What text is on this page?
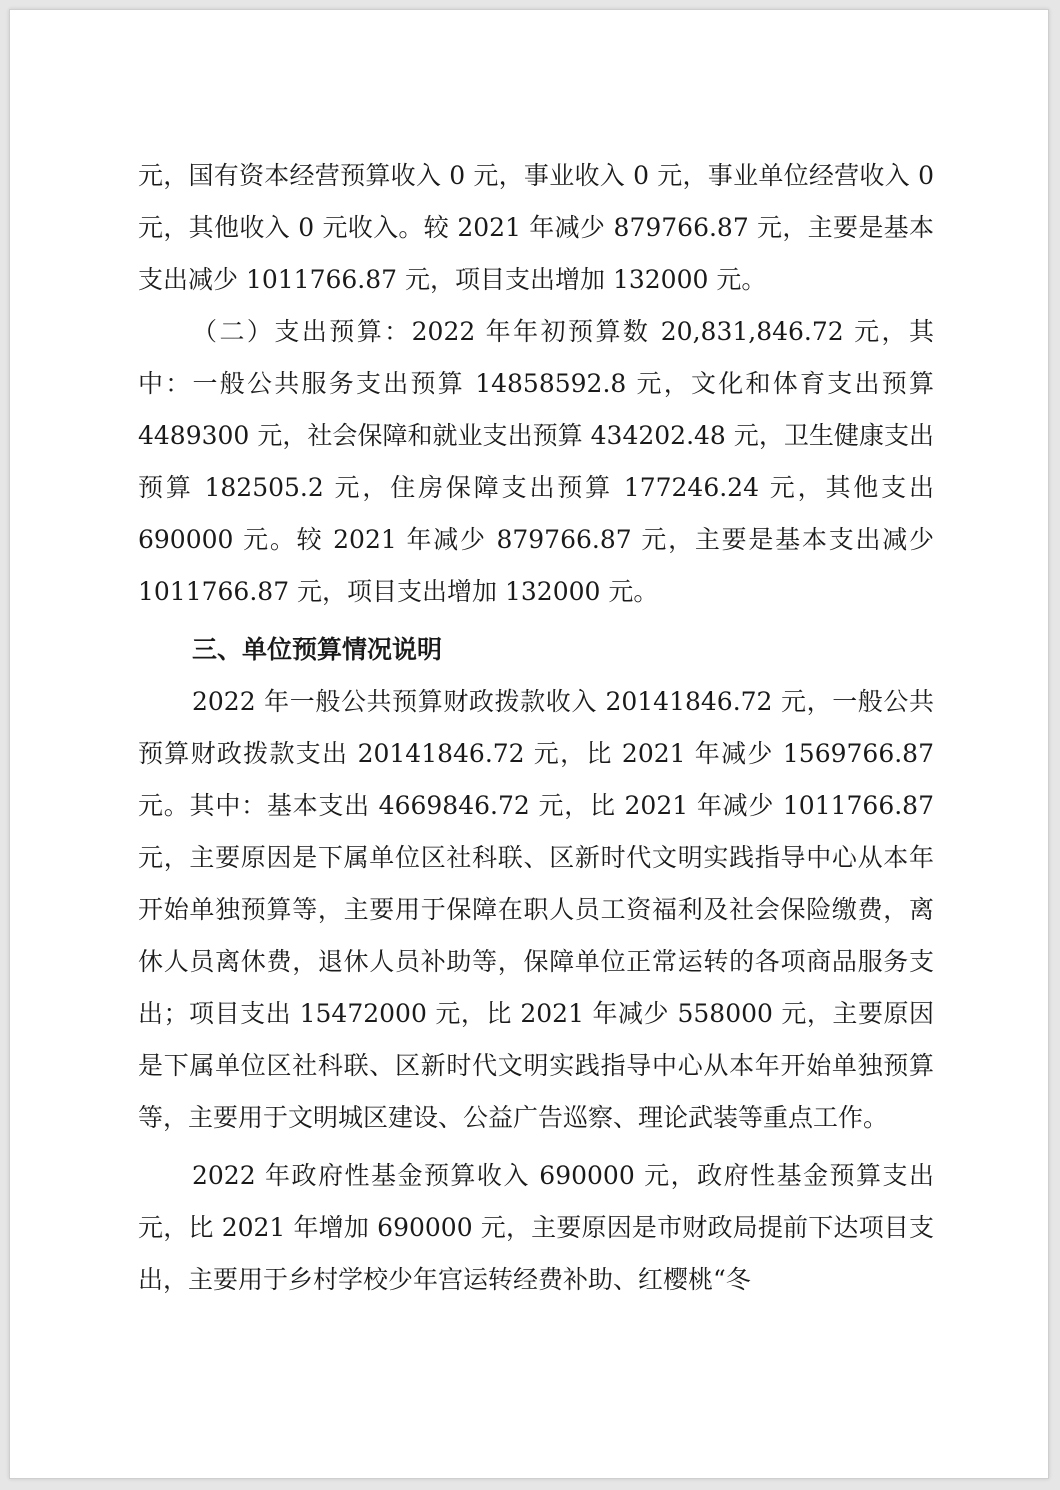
元，国有资本经营预算收入 0 元，事业收入 0 元，事业单位经营收入 0 元，其他收入 0 元收入。较 2021 年减少 879766.87 元，主要是基本支出减少 1011766.87 元，项目支出增加 132000 元。

（二）支出预算：2022 年年初预算数 20,831,846.72 元，其中：一般公共服务支出预算 14858592.8 元，文化和体育支出预算 4489300 元，社会保障和就业支出预算 434202.48 元，卫生健康支出预算 182505.2 元，住房保障支出预算 177246.24 元，其他支出 690000 元。较 2021 年减少 879766.87 元，主要是基本支出减少 1011766.87 元，项目支出增加 132000 元。

三、单位预算情况说明

2022 年一般公共预算财政拨款收入 20141846.72 元，一般公共预算财政拨款支出 20141846.72 元，比 2021 年减少 1569766.87 元。其中：基本支出 4669846.72 元，比 2021 年减少 1011766.87 元，主要原因是下属单位区社科联、区新时代文明实践指导中心从本年开始单独预算等，主要用于保障在职人员工资福利及社会保险缴费，离休人员离休费，退休人员补助等，保障单位正常运转的各项商品服务支出；项目支出 15472000 元，比 2021 年减少 558000 元，主要原因是下属单位区社科联、区新时代文明实践指导中心从本年开始单独预算等，主要用于文明城区建设、公益广告巡察、理论武装等重点工作。

2022 年政府性基金预算收入 690000 元，政府性基金预算支出 元，比 2021 年增加 690000 元，主要原因是市财政局提前下达项目支出，主要用于乡村学校少年宫运转经费补助、红樱桃“冬
